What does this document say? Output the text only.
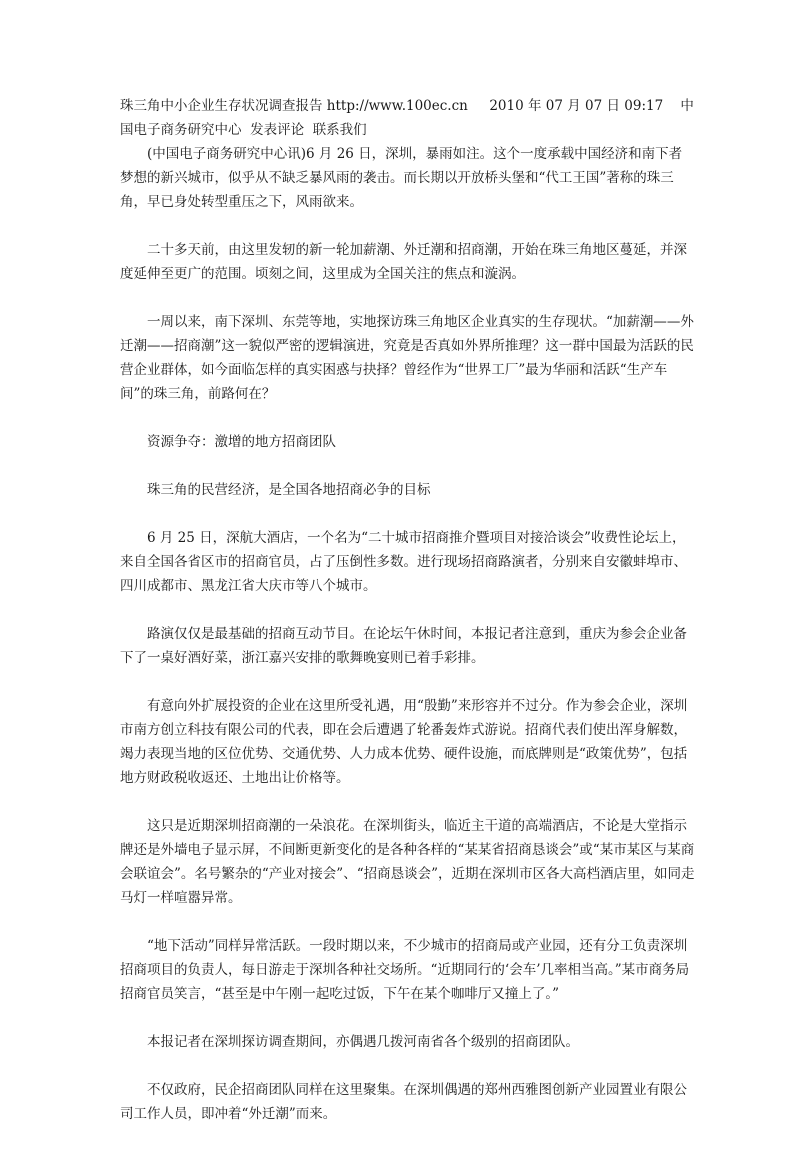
珠三角中小企业生存状况调查报告 http://www.100ec.cn 2010 年 07 月 07 日 09:17 中国电子商务研究中心 发表评论 联系我们

(中国电子商务研究中心讯)6 月 26 日，深圳，暴雨如注。这个一度承载中国经济和南下者梦想的新兴城市，似乎从不缺乏暴风雨的袭击。而长期以开放桥头堡和“代工王国”著称的珠三角，早已身处转型重压之下，风雨欲来。

二十多天前，由这里发轫的新一轮加薪潮、外迁潮和招商潮，开始在珠三角地区蔓延，并深度延伸至更广的范围。顷刻之间，这里成为全国关注的焦点和漩涡。

一周以来，南下深圳、东莞等地，实地探访珠三角地区企业真实的生存现状。“加薪潮——外迁潮——招商潮”这一貌似严密的逻辑演进，究竟是否真如外界所推理？这一群中国最为活跃的民营企业群体，如今面临怎样的真实困惑与抉择？曾经作为“世界工厂”最为华丽和活跃“生产车间”的珠三角，前路何在？

资源争夺：激增的地方招商团队

珠三角的民营经济，是全国各地招商必争的目标

6 月 25 日，深航大酒店，一个名为“二十城市招商推介暨项目对接洽谈会”收费性论坛上，来自全国各省区市的招商官员，占了压倒性多数。进行现场招商路演者，分别来自安徽蚌埠市、四川成都市、黑龙江省大庆市等八个城市。

路演仅仅是最基础的招商互动节目。在论坛午休时间，本报记者注意到，重庆为参会企业备下了一桌好酒好菜，浙江嘉兴安排的歌舞晚宴则已着手彩排。

有意向外扩展投资的企业在这里所受礼遇，用“殷勤”来形容并不过分。作为参会企业，深圳市南方创立科技有限公司的代表，即在会后遭遇了轮番轰炸式游说。招商代表们使出浑身解数，竭力表现当地的区位优势、交通优势、人力成本优势、硬件设施，而底牌则是“政策优势”，包括地方财政税收返还、土地出让价格等。

这只是近期深圳招商潮的一朵浪花。在深圳街头，临近主干道的高端酒店，不论是大堂指示牌还是外墙电子显示屏，不间断更新变化的是各种各样的“某某省招商恳谈会”或“某市某区与某商会联谊会”。名号繁杂的“产业对接会”、“招商恳谈会”，近期在深圳市区各大高档酒店里，如同走马灯一样喧嚣异常。

“地下活动”同样异常活跃。一段时期以来，不少城市的招商局或产业园，还有分工负责深圳招商项目的负责人，每日游走于深圳各种社交场所。“近期同行的‘会车’几率相当高。”某市商务局招商官员笑言，“甚至是中午刚一起吃过饭，下午在某个咖啡厅又撞上了。”

本报记者在深圳探访调查期间，亦偶遇几拨河南省各个级别的招商团队。

不仅政府，民企招商团队同样在这里聚集。在深圳偶遇的郑州西雅图创新产业园置业有限公司工作人员，即冲着“外迁潮”而来。
